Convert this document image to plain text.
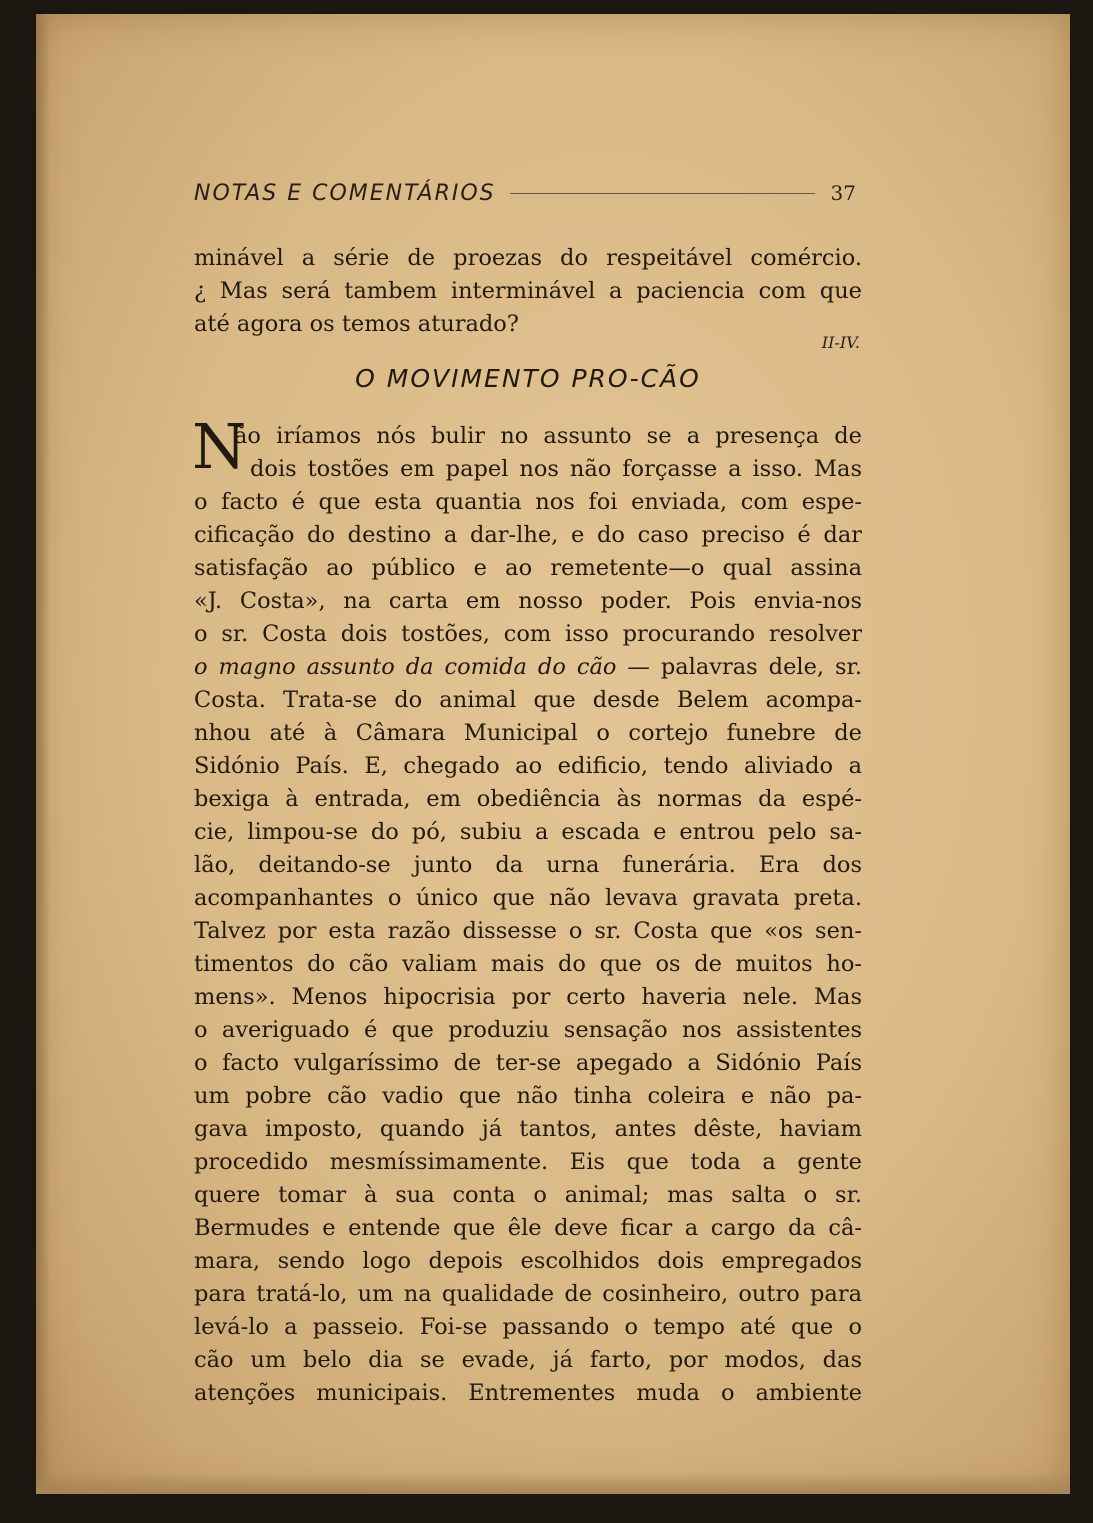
NOTAS E COMENTÁRIOS	37
minável a série de proezas do respeitável comércio.
¿ Mas será tambem interminável a paciencia com que
até agora os temos aturado?
II-IV.
O MOVIMENTO PRO-CÃO
N
ão iríamos nós bulir no assunto se a presença de
dois tostões em papel nos não forçasse a isso. Mas
o facto é que esta quantia nos foi enviada, com espe-
cificação do destino a dar-lhe, e do caso preciso é dar
satisfação ao público e ao remetente—o qual assina
«J. Costa», na carta em nosso poder. Pois envia-nos
o sr. Costa dois tostões, com isso procurando resolver
o magno assunto da comida do cão — palavras dele, sr.
Costa. Trata-se do animal que desde Belem acompa-
nhou até à Câmara Municipal o cortejo funebre de
Sidónio País. E, chegado ao edificio, tendo aliviado a
bexiga à entrada, em obediência às normas da espé-
cie, limpou-se do pó, subiu a escada e entrou pelo sa-
lão, deitando-se junto da urna funerária. Era dos
acompanhantes o único que não levava gravata preta.
Talvez por esta razão dissesse o sr. Costa que «os sen-
timentos do cão valiam mais do que os de muitos ho-
mens». Menos hipocrisia por certo haveria nele. Mas
o averiguado é que produziu sensação nos assistentes
o facto vulgaríssimo de ter-se apegado a Sidónio País
um pobre cão vadio que não tinha coleira e não pa-
gava imposto, quando já tantos, antes dêste, haviam
procedido mesmíssimamente. Eis que toda a gente
quere tomar à sua conta o animal; mas salta o sr.
Bermudes e entende que êle deve ficar a cargo da câ-
mara, sendo logo depois escolhidos dois empregados
para tratá-lo, um na qualidade de cosinheiro, outro para
levá-lo a passeio. Foi-se passando o tempo até que o
cão um belo dia se evade, já farto, por modos, das
atenções municipais. Entrementes muda o ambiente
